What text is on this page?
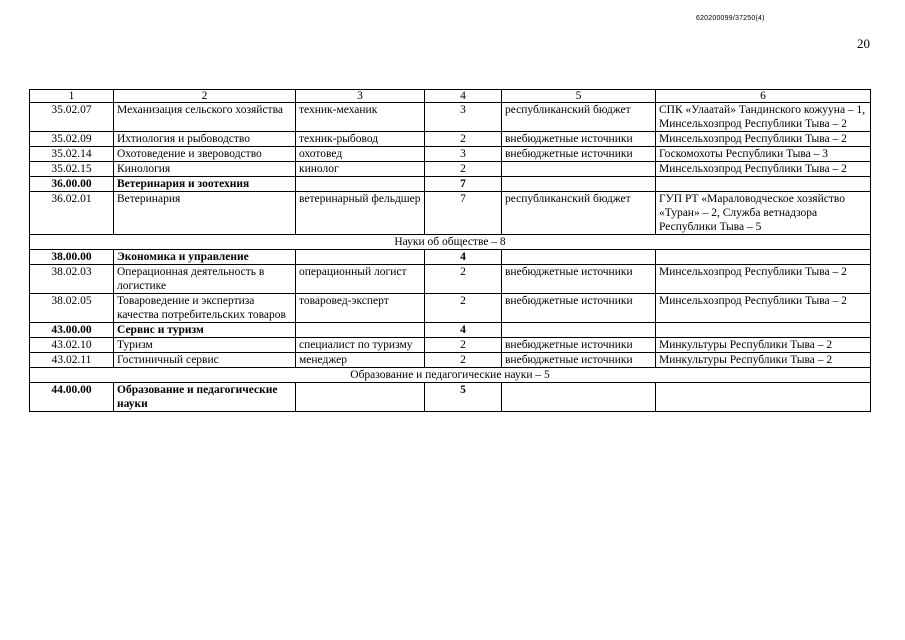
620200099/37250(4)
20
1	2	3	4	5	6
35.02.07	Механизация сельского хозяйства	техник-механик	3	республиканский бюджет	СПК «Улаатай» Тандинского кожууна – 1, Минсельхозпрод Республики Тыва – 2
35.02.09	Ихтиология и рыбоводство	техник-рыбовод	2	внебюджетные источники	Минсельхозпрод Республики Тыва – 2
35.02.14	Охотоведение и звероводство	охотовед	3	внебюджетные источники	Госкомохоты Республики Тыва – 3
35.02.15	Кинология	кинолог	2		Минсельхозпрод Республики Тыва – 2
36.00.00	Ветеринария и зоотехния		7		
36.02.01	Ветеринария	ветеринарный фельдшер	7	республиканский бюджет	ГУП РТ «Мараловодческое хозяйство «Туран» – 2, Служба ветнадзора Республики Тыва – 5
Науки об обществе – 8					
38.00.00	Экономика и управление		4		
38.02.03	Операционная деятельность в логистике	операционный логист	2	внебюджетные источники	Минсельхозпрод Республики Тыва – 2
38.02.05	Товароведение и экспертиза качества потребительских товаров	товаровед-эксперт	2	внебюджетные источники	Минсельхозпрод Республики Тыва – 2
43.00.00	Сервис и туризм		4		
43.02.10	Туризм	специалист по туризму	2	внебюджетные источники	Минкультуры Республики Тыва – 2
43.02.11	Гостиничный сервис	менеджер	2	внебюджетные источники	Минкультуры Республики Тыва – 2
Образование и педагогические науки – 5					
44.00.00	Образование и педагогические науки		5		
